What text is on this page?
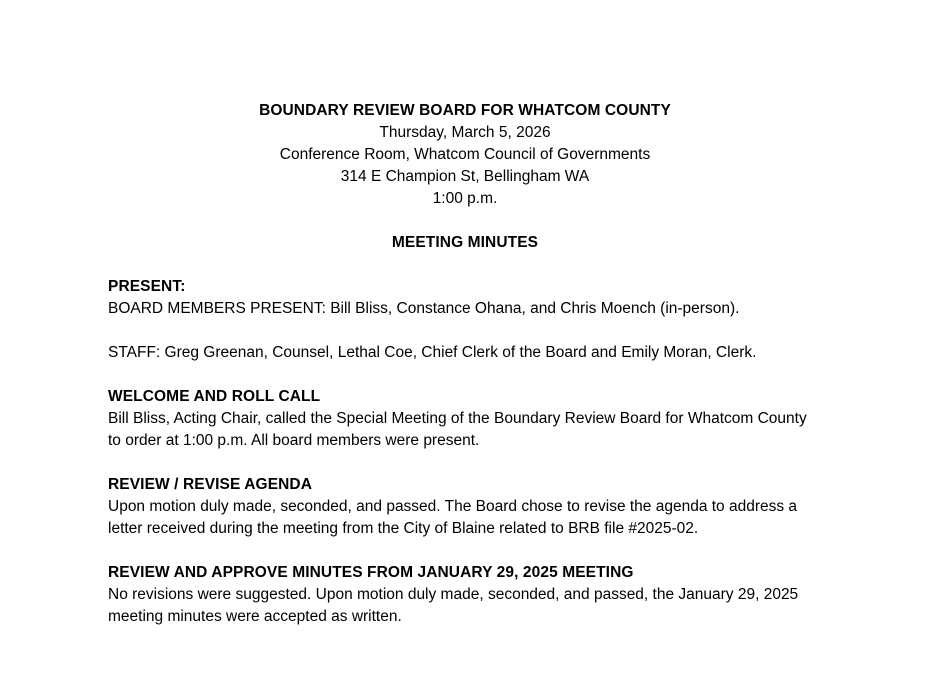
BOUNDARY REVIEW BOARD FOR WHATCOM COUNTY
Thursday, March 5, 2026
Conference Room, Whatcom Council of Governments
314 E Champion St, Bellingham WA
1:00 p.m.
MEETING MINUTES
PRESENT:
BOARD MEMBERS PRESENT: Bill Bliss, Constance Ohana, and Chris Moench (in-person).
STAFF: Greg Greenan, Counsel, Lethal Coe, Chief Clerk of the Board and Emily Moran, Clerk.
WELCOME AND ROLL CALL
Bill Bliss, Acting Chair, called the Special Meeting of the Boundary Review Board for Whatcom County to order at 1:00 p.m. All board members were present.
REVIEW / REVISE AGENDA
Upon motion duly made, seconded, and passed. The Board chose to revise the agenda to address a letter received during the meeting from the City of Blaine related to BRB file #2025-02.
REVIEW AND APPROVE MINUTES FROM JANUARY 29, 2025 MEETING
No revisions were suggested. Upon motion duly made, seconded, and passed, the January 29, 2025 meeting minutes were accepted as written.
